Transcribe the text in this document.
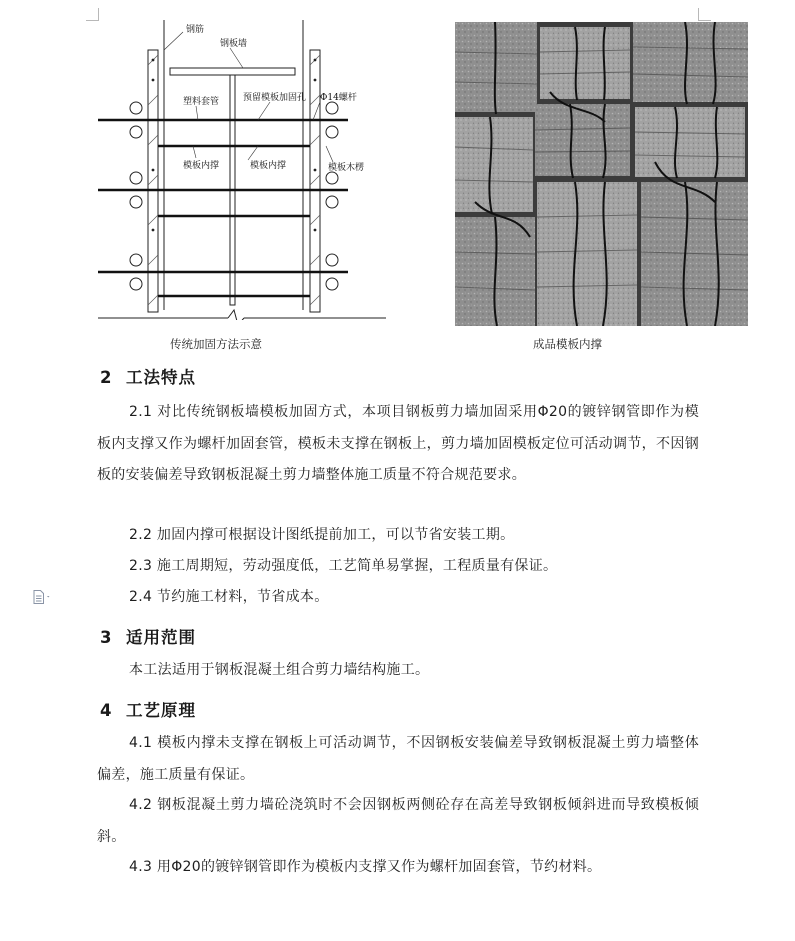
钢筋
钢板墙
塑料套管	预留模板加固孔 Φ14螺杆
模板内撑	模板内撑	模板木楞
传统加固方法示意	成品模板内撑
2 工法特点
2.1 对比传统钢板墙模板加固方式，本项目钢板剪力墙加固采用Φ20的镀锌钢管即作为模板内支撑又作为螺杆加固套管，模板未支撑在钢板上，剪力墙加固模板定位可活动调节，不因钢板的安装偏差导致钢板混凝土剪力墙整体施工质量不符合规范要求。
2.2 加固内撑可根据设计图纸提前加工，可以节省安装工期。
2.3 施工周期短，劳动强度低，工艺简单易掌握，工程质量有保证。
2.4 节约施工材料，节省成本。
3 适用范围
本工法适用于钢板混凝土组合剪力墙结构施工。
4 工艺原理
4.1 模板内撑未支撑在钢板上可活动调节，不因钢板安装偏差导致钢板混凝土剪力墙整体偏差，施工质量有保证。
4.2 钢板混凝土剪力墙砼浇筑时不会因钢板两侧砼存在高差导致钢板倾斜进而导致模板倾斜。
4.3 用Φ20的镀锌钢管即作为模板内支撑又作为螺杆加固套管，节约材料。
